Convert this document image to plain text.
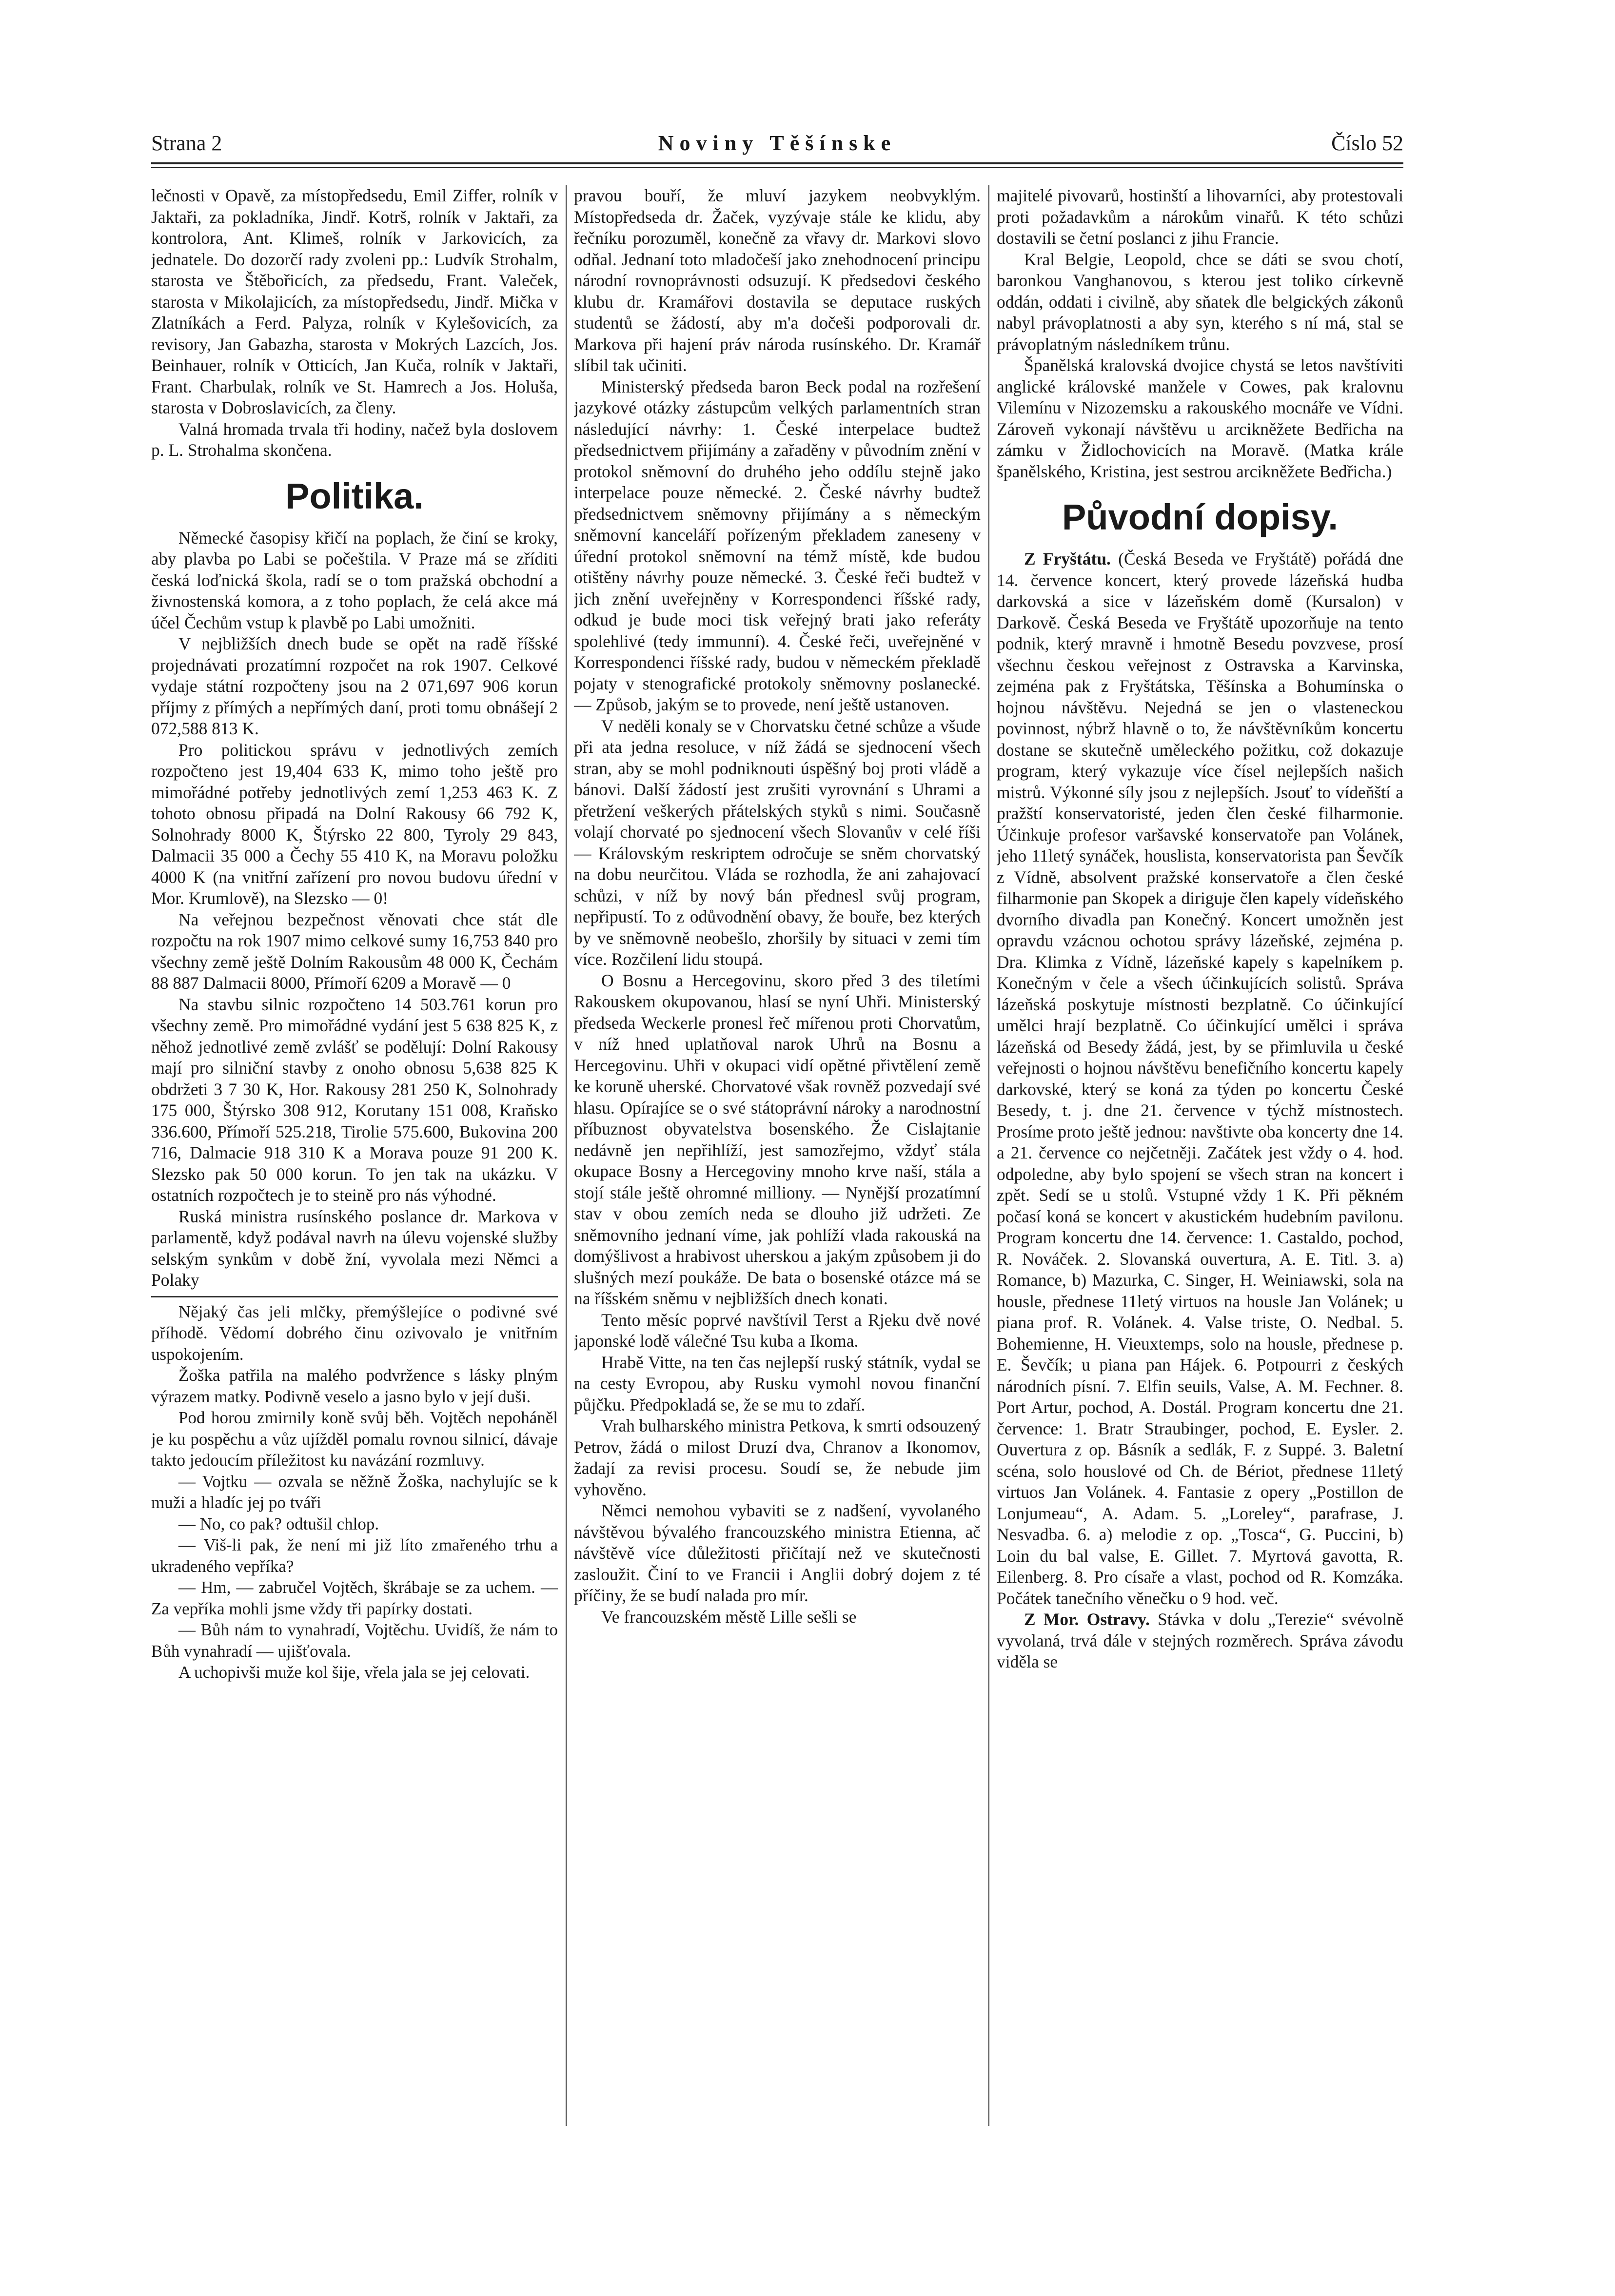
Strana 2	Noviny Těšínske	Číslo 52

lečnosti v Opavě, za místopředsedu, Emil Ziffer, rolník v Jaktaři, za pokladníka, Jindř. Kotrš, rolník v Jaktaři, za kontrolora, Ant. Klimeš, rolník v Jarkovicích, za jednatele. Do dozorčí rady zvoleni pp.: Ludvík Strohalm, starosta ve Štěbořicích, za předsedu, Frant. Valeček, starosta v Mikolajicích, za místopředsedu, Jindř. Mička v Zlatníkách a Ferd. Palyza, rolník v Kylešovicích, za revisory, Jan Gabazha, starosta v Mokrých Lazcích, Jos. Beinhauer, rolník v Otticích, Jan Kuča, rolník v Jaktaři, Frant. Charbulak, rolník ve St. Hamrech a Jos. Holuša, starosta v Dobroslavicích, za členy.

Valná hromada trvala tři hodiny, načež byla doslovem p. L. Strohalma skončena.

Politika.

Německé časopisy křičí na poplach, že činí se kroky, aby plavba po Labi se počeštila. V Praze má se zříditi česká loďnická škola, radí se o tom pražská obchodní a živnostenská komora, a z toho poplach, že celá akce má účel Čechům vstup k plavbě po Labi umožniti.

V nejbližších dnech bude se opět na radě říšské projednávati prozatímní rozpočet na rok 1907. Celkové vydaje státní rozpočteny jsou na 2 071,697 906 korun příjmy z přímých a nepřímých daní, proti tomu obnášejí 2 072,588 813 K.

Pro politickou správu v jednotlivých zemích rozpočteno jest 19,404 633 K, mimo toho ještě pro mimořádné potřeby jednotlivých zemí 1,253 463 K. Z tohoto obnosu připadá na Dolní Rakousy 66 792 K, Solnohrady 8000 K, Štýrsko 22 800, Tyroly 29 843, Dalmacii 35 000 a Čechy 55 410 K, na Moravu položku 4000 K (na vnitřní zařízení pro novou budovu úřední v Mor. Krumlově), na Slezsko — 0!

Na veřejnou bezpečnost věnovati chce stát dle rozpočtu na rok 1907 mimo celkové sumy 16,753 840 pro všechny země ještě Dolním Rakousům 48 000 K, Čechám 88 887 Dalmacii 8000, Přímoří 6209 a Moravě — 0

Na stavbu silnic rozpočteno 14 503.761 korun pro všechny země. Pro mimořádné vydání jest 5 638 825 K, z něhož jednotlivé země zvlášť se podělují: Dolní Rakousy mají pro silniční stavby z onoho obnosu 5,638 825 K obdržeti 3 7 30 K, Hor. Rakousy 281 250 K, Solnohrady 175 000, Štýrsko 308 912, Korutany 151 008, Kraňsko 336.600, Přímoří 525.218, Tirolie 575.600, Bukovina 200 716, Dalmacie 918 310 K a Morava pouze 91 200 K. Slezsko pak 50 000 korun. To jen tak na ukázku. V ostatních rozpočtech je to steině pro nás výhodné.

Ruská ministra rusínského poslance dr. Markova v parlamentě, když podával navrh na úlevu vojenské služby selským synkům v době žní, vyvolala mezi Němci a Polaky

Nějaký čas jeli mlčky, přemýšlejíce o podivné své příhodě. Vědomí dobrého činu ozivovalo je vnitřním uspokojením.

Žoška patřila na malého podvržence s lásky plným výrazem matky. Podivně veselo a jasno bylo v její duši.

Pod horou zmirnily koně svůj běh. Vojtěch nepoháněl je ku pospěchu a vůz ujížděl pomalu rovnou silnicí, dávaje takto jedoucím příležitost ku navázání rozmluvy.

— Vojtku — ozvala se něžně Žoška, nachylujíc se k muži a hladíc jej po tváři

— No, co pak? odtušil chlop.

— Viš-li pak, že není mi již líto zmařeného trhu a ukradeného vepříka?

— Hm, — zabručel Vojtěch, škrábaje se za uchem. — Za vepříka mohli jsme vždy tři papírky dostati.

— Bůh nám to vynahradí, Vojtěchu. Uvidíš, že nám to Bůh vynahradí — ujišťovala.

A uchopivši muže kol šije, vřela jala se jej celovati.

pravou bouří, že mluví jazykem neobvyklým. Místopředseda dr. Žaček, vyzývaje stále ke klidu, aby řečníku porozuměl, konečně za vřavy dr. Markovi slovo odňal. Jednaní toto mladočeší jako znehodnocení principu národní rovnoprávnosti odsuzují. K předsedovi českého klubu dr. Kramářovi dostavila se deputace ruských studentů se žádostí, aby m'a dočeši podporovali dr. Markova při hajení práv národa rusínského. Dr. Kramář slíbil tak učiniti.

Ministerský předseda baron Beck podal na rozřešení jazykové otázky zástupcům velkých parlamentních stran následující návrhy: 1. České interpelace budtež předsednictvem přijímány a zařaděny v původním znění v protokol sněmovní do druhého jeho oddílu stejně jako interpelace pouze německé. 2. České návrhy budtež předsednictvem sněmovny přijímány a s německým sněmovní kanceláří pořízeným překladem zaneseny v úřední protokol sněmovní na témž místě, kde budou otištěny návrhy pouze německé. 3. České řeči budtež v jich znění uveřejněny v Korrespondenci říšské rady, odkud je bude moci tisk veřejný brati jako referáty spolehlivé (tedy immunní). 4. České řeči, uveřejněné v Korrespondenci říšské rady, budou v německém překladě pojaty v stenografické protokoly sněmovny poslanecké. — Způsob, jakým se to provede, není ještě ustanoven.

V neděli konaly se v Chorvatsku četné schůze a všude při ata jedna resoluce, v níž žádá se sjednocení všech stran, aby se mohl podniknouti úspěšný boj proti vládě a bánovi. Další žádostí jest zrušiti vyrovnání s Uhrami a přetržení veškerých přátelských styků s nimi. Současně volají chorvaté po sjednocení všech Slovanův v celé říši — Královským reskriptem odročuje se sněm chorvatský na dobu neurčitou. Vláda se rozhodla, že ani zahajovací schůzi, v níž by nový bán přednesl svůj program, nepřipustí. To z odůvodnění obavy, že bouře, bez kterých by ve sněmovně neobešlo, zhoršily by situaci v zemi tím více. Rozčilení lidu stoupá.

O Bosnu a Hercegovinu, skoro před 3 des tiletími Rakouskem okupovanou, hlasí se nyní Uhři. Ministerský předseda Weckerle pronesl řeč mířenou proti Chorvatům, v níž hned uplatňoval narok Uhrů na Bosnu a Hercegovinu. Uhři v okupaci vidí opětné přivtělení země ke koruně uherské. Chorvatové však rovněž pozvedají své hlasu. Opírajíce se o své státoprávní nároky a narodnostní příbuznost obyvatelstva bosenského. Že Cislajtanie nedávně jen nepřihlíží, jest samozřejmo, vždyť stála okupace Bosny a Hercegoviny mnoho krve naší, stála a stojí stále ještě ohromné milliony. — Nynější prozatímní stav v obou zemích neda se dlouho již udržeti. Ze sněmovního jednaní víme, jak pohlíží vlada rakouská na domýšlivost a hrabivost uherskou a jakým způsobem ji do slušných mezí poukáže. De bata o bosenské otázce má se na říšském sněmu v nejbližších dnech konati.

Tento měsíc poprvé navštívil Terst a Rjeku dvě nové japonské lodě válečné Tsu kuba a Ikoma.

Hrabě Vitte, na ten čas nejlepší ruský státník, vydal se na cesty Evropou, aby Rusku vymohl novou finanční půjčku. Předpokladá se, že se mu to zdaří.

Vrah bulharského ministra Petkova, k smrti odsouzený Petrov, žádá o milost Druzí dva, Chranov a Ikonomov, žadají za revisi procesu. Soudí se, že nebude jim vyhověno.

Němci nemohou vybaviti se z nadšení, vyvolaného návštěvou bývalého francouzského ministra Etienna, ač návštěvě více důležitosti přičítají než ve skutečnosti zasloužit. Činí to ve Francii i Anglii dobrý dojem z té příčiny, že se budí nalada pro mír.

Ve francouzském městě Lille sešli se

majitelé pivovarů, hostinští a lihovarníci, aby protestovali proti požadavkům a nárokům vinařů. K této schůzi dostavili se četní poslanci z jihu Francie.

Kral Belgie, Leopold, chce se dáti se svou chotí, baronkou Vanghanovou, s kterou jest toliko církevně oddán, oddati i civilně, aby sňatek dle belgických zákonů nabyl právoplatnosti a aby syn, kterého s ní má, stal se právoplatným následníkem trůnu.

Španělská kralovská dvojice chystá se letos navštíviti anglické královské manžele v Cowes, pak kralovnu Vilemínu v Nizozemsku a rakouského mocnáře ve Vídni. Zároveň vykonají návštěvu u arcikněžete Bedřicha na zámku v Židlochovicích na Moravě. (Matka krále španělského, Kristina, jest sestrou arcikněžete Bedřicha.)

Původní dopisy.

Z Fryštátu. (Česká Beseda ve Fryštátě) pořádá dne 14. července koncert, který provede lázeňská hudba darkovská a sice v lázeňském domě (Kursalon) v Darkově. Česká Beseda ve Fryštátě upozorňuje na tento podnik, který mravně i hmotně Besedu povzvese, prosí všechnu českou veřejnost z Ostravska a Karvinska, zejména pak z Fryštátska, Těšínska a Bohumínska o hojnou návštěvu. Nejedná se jen o vlasteneckou povinnost, nýbrž hlavně o to, že návštěvníkům koncertu dostane se skutečně uměleckého požitku, což dokazuje program, který vykazuje více čísel nejlepších našich mistrů. Výkonné síly jsou z nejlepších. Jsouť to vídeňští a pražští konservatoristé, jeden člen české filharmonie. Účinkuje profesor varšavské konservatoře pan Volánek, jeho 11letý synáček, houslista, konservatorista pan Ševčík z Vídně, absolvent pražské konservatoře a člen české filharmonie pan Skopek a diriguje člen kapely vídeňského dvorního divadla pan Konečný. Koncert umožněn jest opravdu vzácnou ochotou správy lázeňské, zejména p. Dra. Klimka z Vídně, lázeňské kapely s kapelníkem p. Konečným v čele a všech účinkujících solistů. Správa lázeňská poskytuje místnosti bezplatně. Co účinkující umělci hrají bezplatně. Co účinkující umělci i správa lázeňská od Besedy žádá, jest, by se přimluvila u české veřejnosti o hojnou návštěvu benefičního koncertu kapely darkovské, který se koná za týden po koncertu České Besedy, t. j. dne 21. července v týchž místnostech. Prosíme proto ještě jednou: navštivte oba koncerty dne 14. a 21. července co nejčetněji. Začátek jest vždy o 4. hod. odpoledne, aby bylo spojení se všech stran na koncert i zpět. Sedí se u stolů. Vstupné vždy 1 K. Při pěkném počasí koná se koncert v akustickém hudebním pavilonu. Program koncertu dne 14. července: 1. Castaldo, pochod, R. Nováček. 2. Slovanská ouvertura, A. E. Titl. 3. a) Romance, b) Mazurka, C. Singer, H. Weiniawski, sola na housle, přednese 11letý virtuos na housle Jan Volánek; u piana prof. R. Volánek. 4. Valse triste, O. Nedbal. 5. Bohemienne, H. Vieuxtemps, solo na housle, přednese p. E. Ševčík; u piana pan Hájek. 6. Potpourri z českých národních písní. 7. Elfin seuils, Valse, A. M. Fechner. 8. Port Artur, pochod, A. Dostál. Program koncertu dne 21. července: 1. Bratr Straubinger, pochod, E. Eysler. 2. Ouvertura z op. Básník a sedlák, F. z Suppé. 3. Baletní scéna, solo houslové od Ch. de Bériot, přednese 11letý virtuos Jan Volánek. 4. Fantasie z opery „Postillon de Lonjumeau“, A. Adam. 5. „Loreley“, parafrase, J. Nesvadba. 6. a) melodie z op. „Tosca“, G. Puccini, b) Loin du bal valse, E. Gillet. 7. Myrtová gavotta, R. Eilenberg. 8. Pro císaře a vlast, pochod od R. Komzáka. Počátek tanečního věnečku o 9 hod. več.

Z Mor. Ostravy. Stávka v dolu „Terezie“ svévolně vyvolaná, trvá dále v stejných rozměrech. Správa závodu viděla se
